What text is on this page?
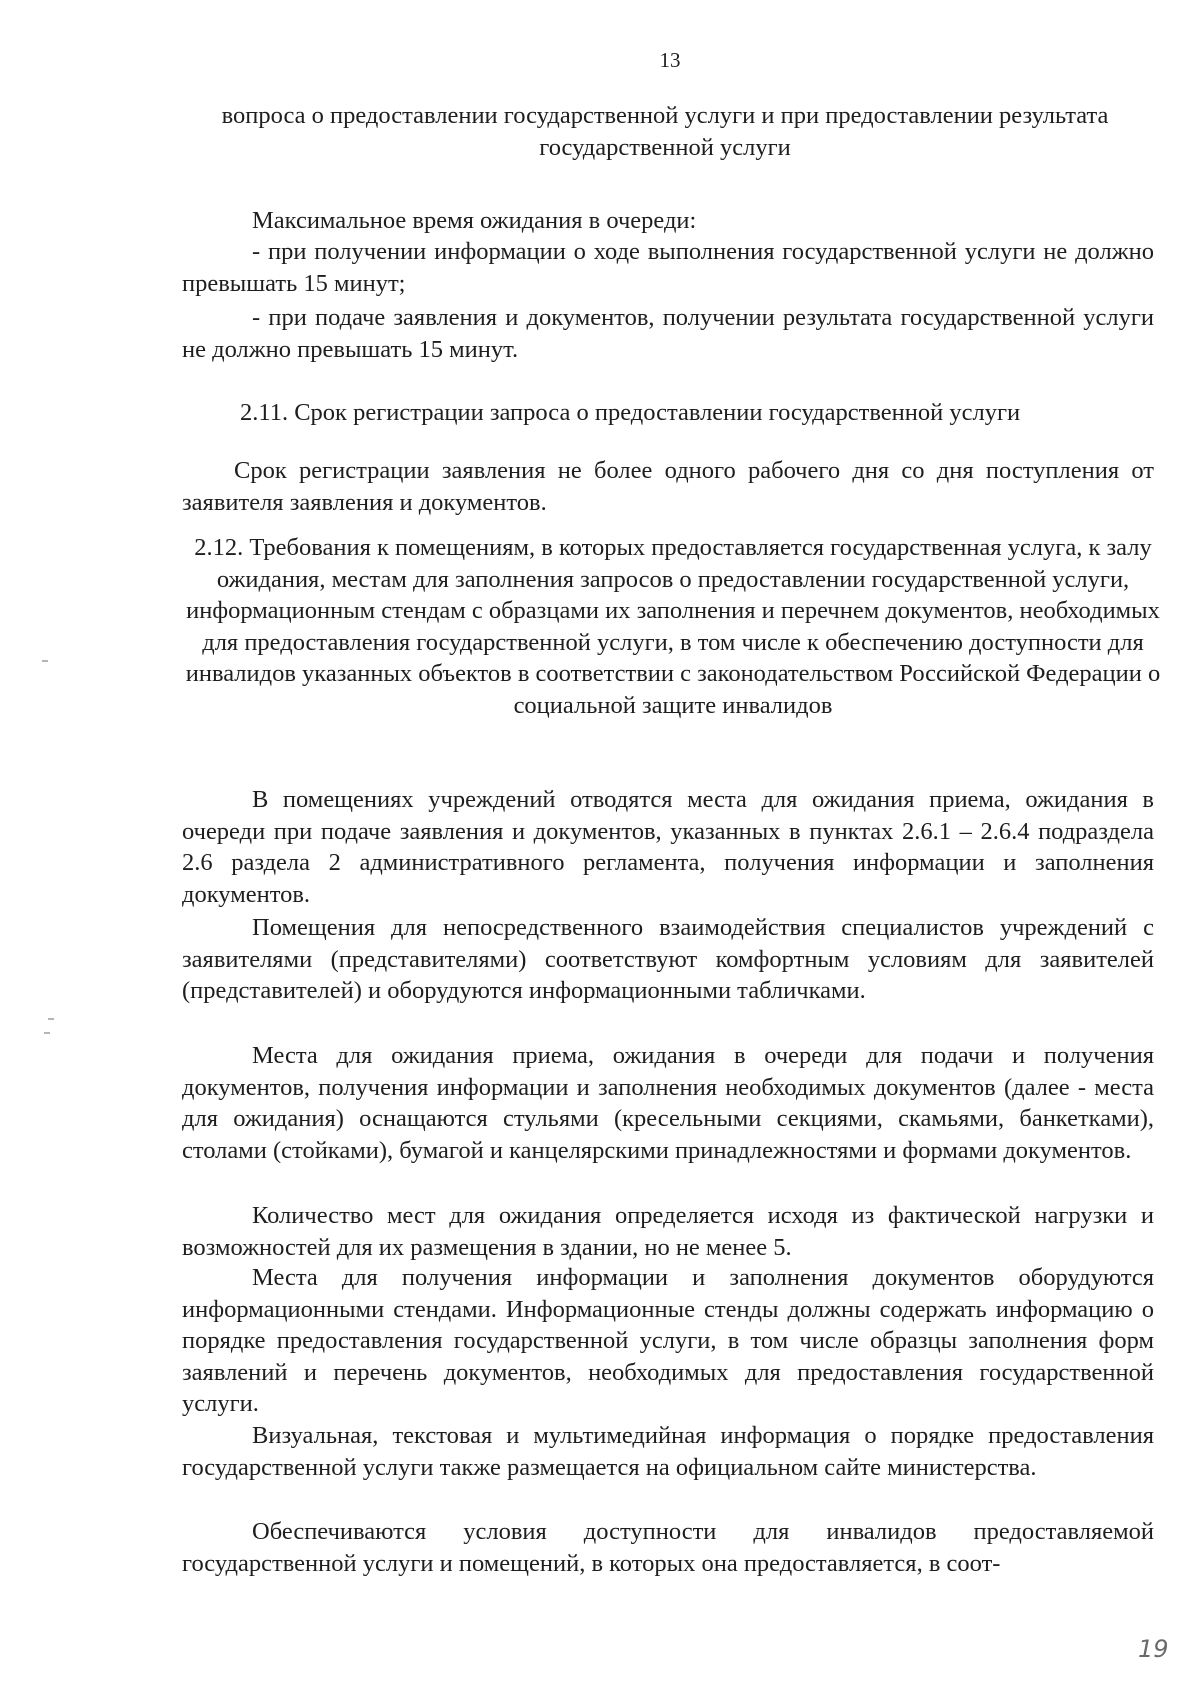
13
вопроса о предоставлении государственной услуги и при предоставлении результата государственной услуги
Максимальное время ожидания в очереди:
- при получении информации о ходе выполнения государственной услуги не должно превышать 15 минут;
- при подаче заявления и документов, получении результата государственной услуги не должно превышать 15 минут.
2.11. Срок регистрации запроса о предоставлении государственной услуги
Срок регистрации заявления не более одного рабочего дня со дня поступления от заявителя заявления и документов.
2.12. Требования к помещениям, в которых предоставляется государственная услуга, к залу ожидания, местам для заполнения запросов о предоставлении государственной услуги, информационным стендам с образцами их заполнения и перечнем документов, необходимых для предоставления государственной услуги, в том числе к обеспечению доступности для инвалидов указанных объектов в соответствии с законодательством Российской Федерации о социальной защите инвалидов
В помещениях учреждений отводятся места для ожидания приема, ожидания в очереди при подаче заявления и документов, указанных в пунктах 2.6.1 – 2.6.4 подраздела 2.6 раздела 2 административного регламента, получения информации и заполнения документов.
Помещения для непосредственного взаимодействия специалистов учреждений с заявителями (представителями) соответствуют комфортным условиям для заявителей (представителей) и оборудуются информационными табличками.
Места для ожидания приема, ожидания в очереди для подачи и получения документов, получения информации и заполнения необходимых документов (далее - места для ожидания) оснащаются стульями (кресельными секциями, скамьями, банкетками), столами (стойками), бумагой и канцелярскими принадлежностями и формами документов.
Количество мест для ожидания определяется исходя из фактической нагрузки и возможностей для их размещения в здании, но не менее 5.
Места для получения информации и заполнения документов оборудуются информационными стендами. Информационные стенды должны содержать информацию о порядке предоставления государственной услуги, в том числе образцы заполнения форм заявлений и перечень документов, необходимых для предоставления государственной услуги.
Визуальная, текстовая и мультимедийная информация о порядке предоставления государственной услуги также размещается на официальном сайте министерства.
Обеспечиваются условия доступности для инвалидов предоставляемой государственной услуги и помещений, в которых она предоставляется, в соот-
19
